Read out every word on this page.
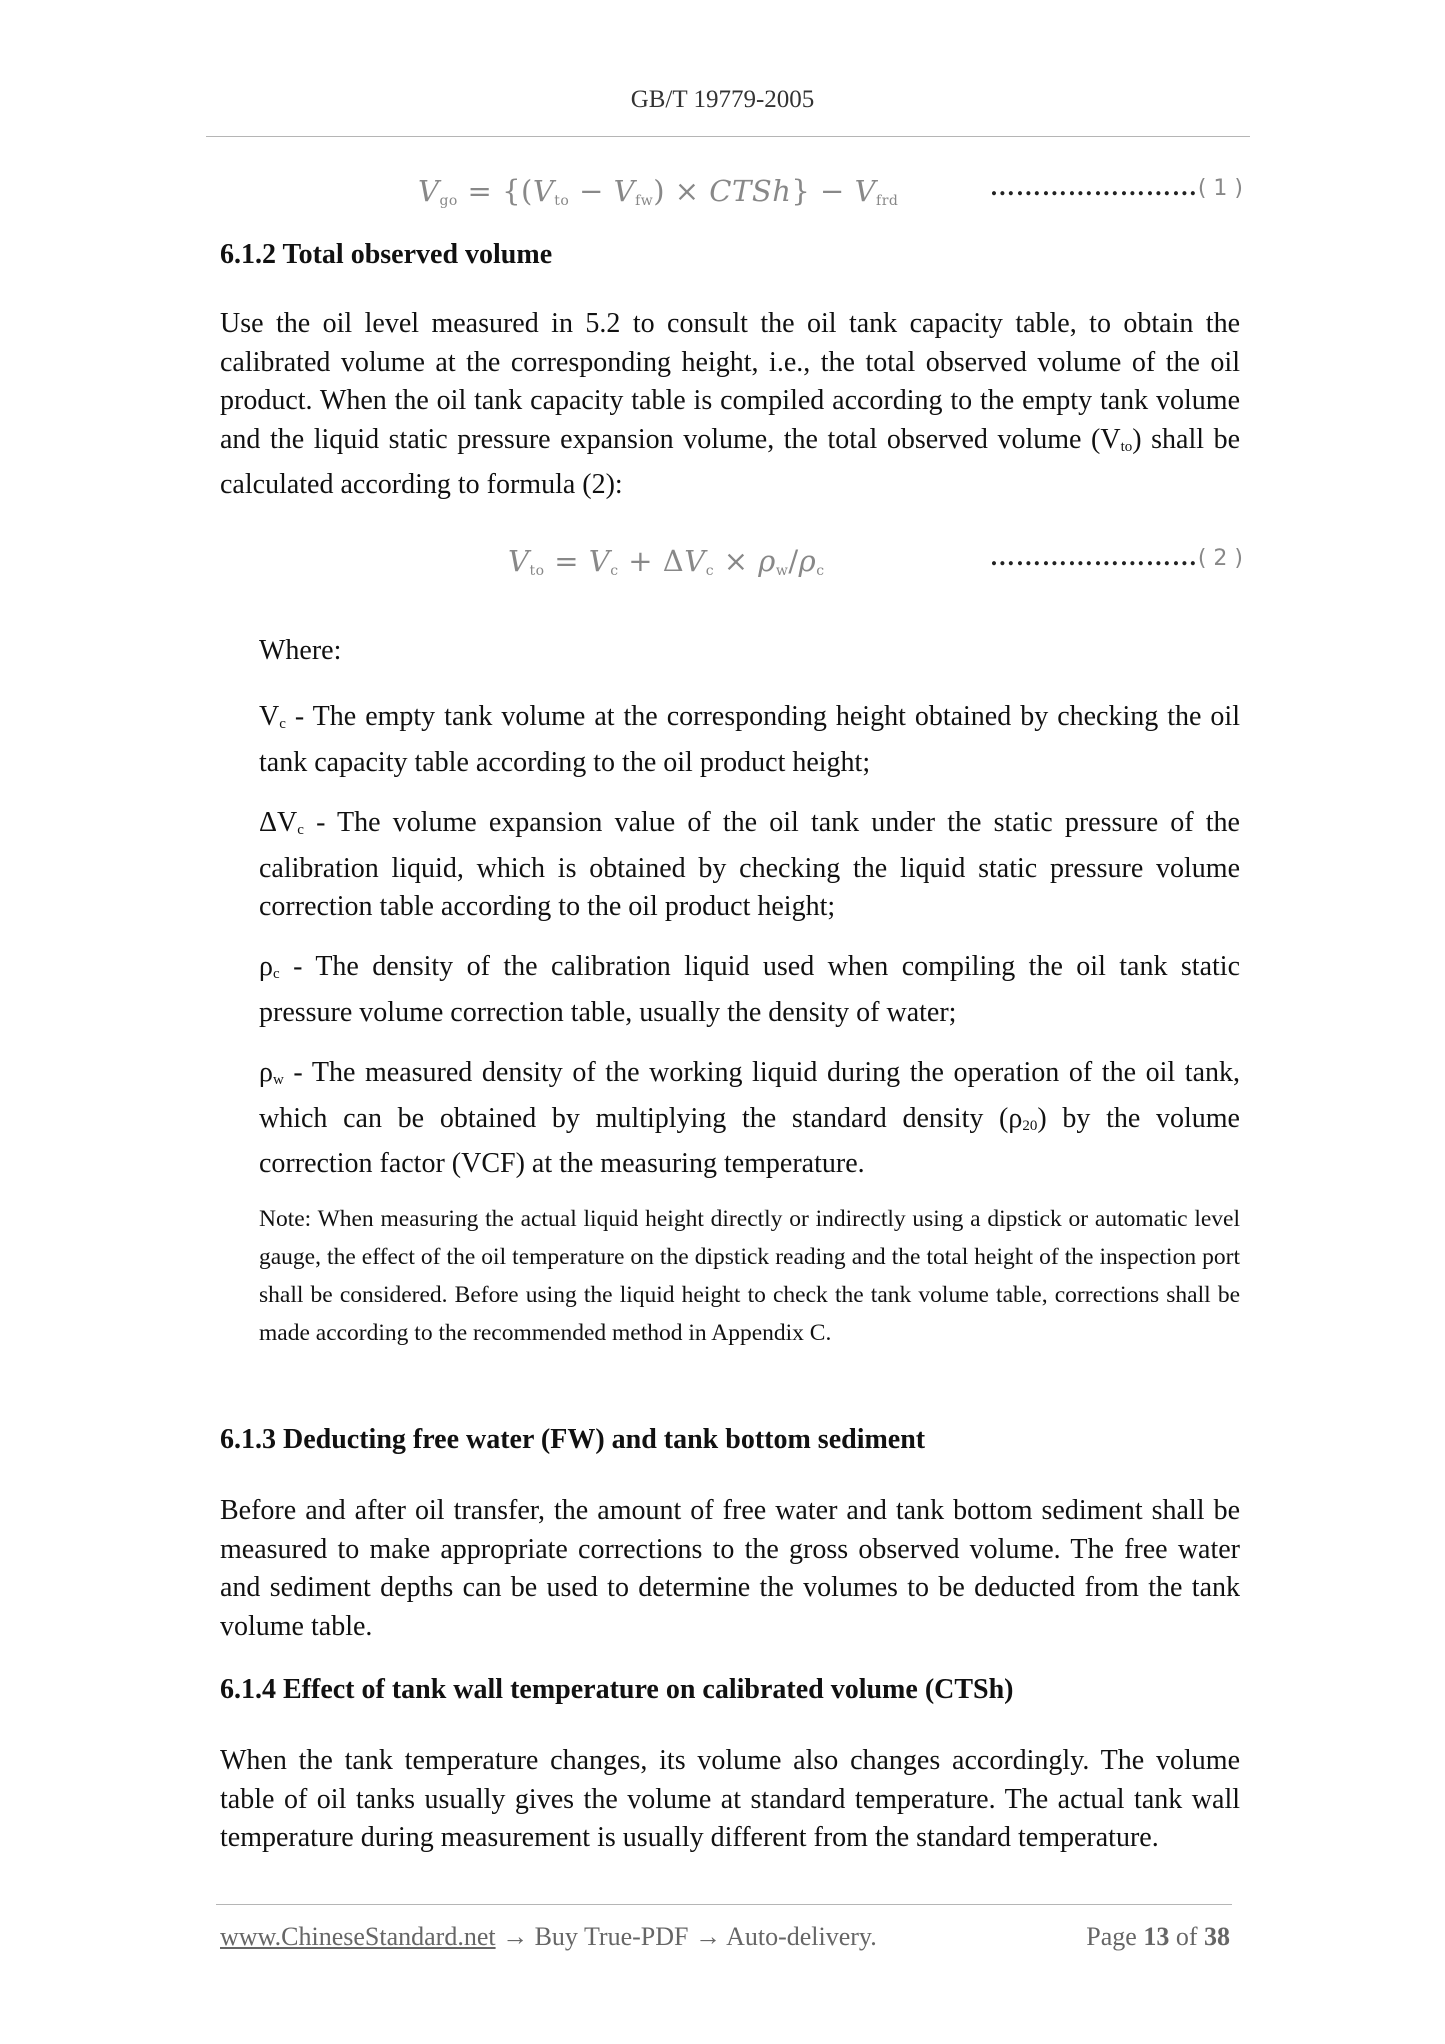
GB/T 19779-2005
$V_{go} = \{(V_{to} - V_{fw})$ × CTSh} − $V_{frd}$	……………………( 1 )
6.1.2 Total observed volume

Use the oil level measured in 5.2 to consult the oil tank capacity table, to obtain the calibrated volume at the corresponding height, i.e., the total observed volume of the oil product. When the oil tank capacity table is compiled according to the empty tank volume and the liquid static pressure expansion volume, the total observed volume $(V_{to})$ shall be calculated according to formula (2):

$V_{to} = V_c + \Delta V_c \times \rho_w/\rho_c$	……………………( 2 )

Where:

$V_c$ - The empty tank volume at the corresponding height obtained by checking the oil tank capacity table according to the oil product height;

$\Delta V_c$ - The volume expansion value of the oil tank under the static pressure of the calibration liquid, which is obtained by checking the liquid static pressure volume correction table according to the oil product height;

$\rho_c$ - The density of the calibration liquid used when compiling the oil tank static pressure volume correction table, usually the density of water;

$\rho_w$ - The measured density of the working liquid during the operation of the oil tank, which can be obtained by multiplying the standard density $(\rho_{20})$ by the volume correction factor (VCF) at the measuring temperature.

Note: When measuring the actual liquid height directly or indirectly using a dipstick or automatic level gauge, the effect of the oil temperature on the dipstick reading and the total height of the inspection port shall be considered. Before using the liquid height to check the tank volume table, corrections shall be made according to the recommended method in Appendix C.

6.1.3 Deducting free water (FW) and tank bottom sediment

Before and after oil transfer, the amount of free water and tank bottom sediment shall be measured to make appropriate corrections to the gross observed volume. The free water and sediment depths can be used to determine the volumes to be deducted from the tank volume table.

6.1.4 Effect of tank wall temperature on calibrated volume (CTSh)

When the tank temperature changes, its volume also changes accordingly. The volume table of oil tanks usually gives the volume at standard temperature. The actual tank wall temperature during measurement is usually different from the standard temperature.

www.ChineseStandard.net → Buy True-PDF → Auto-delivery.	Page 13 of 38
